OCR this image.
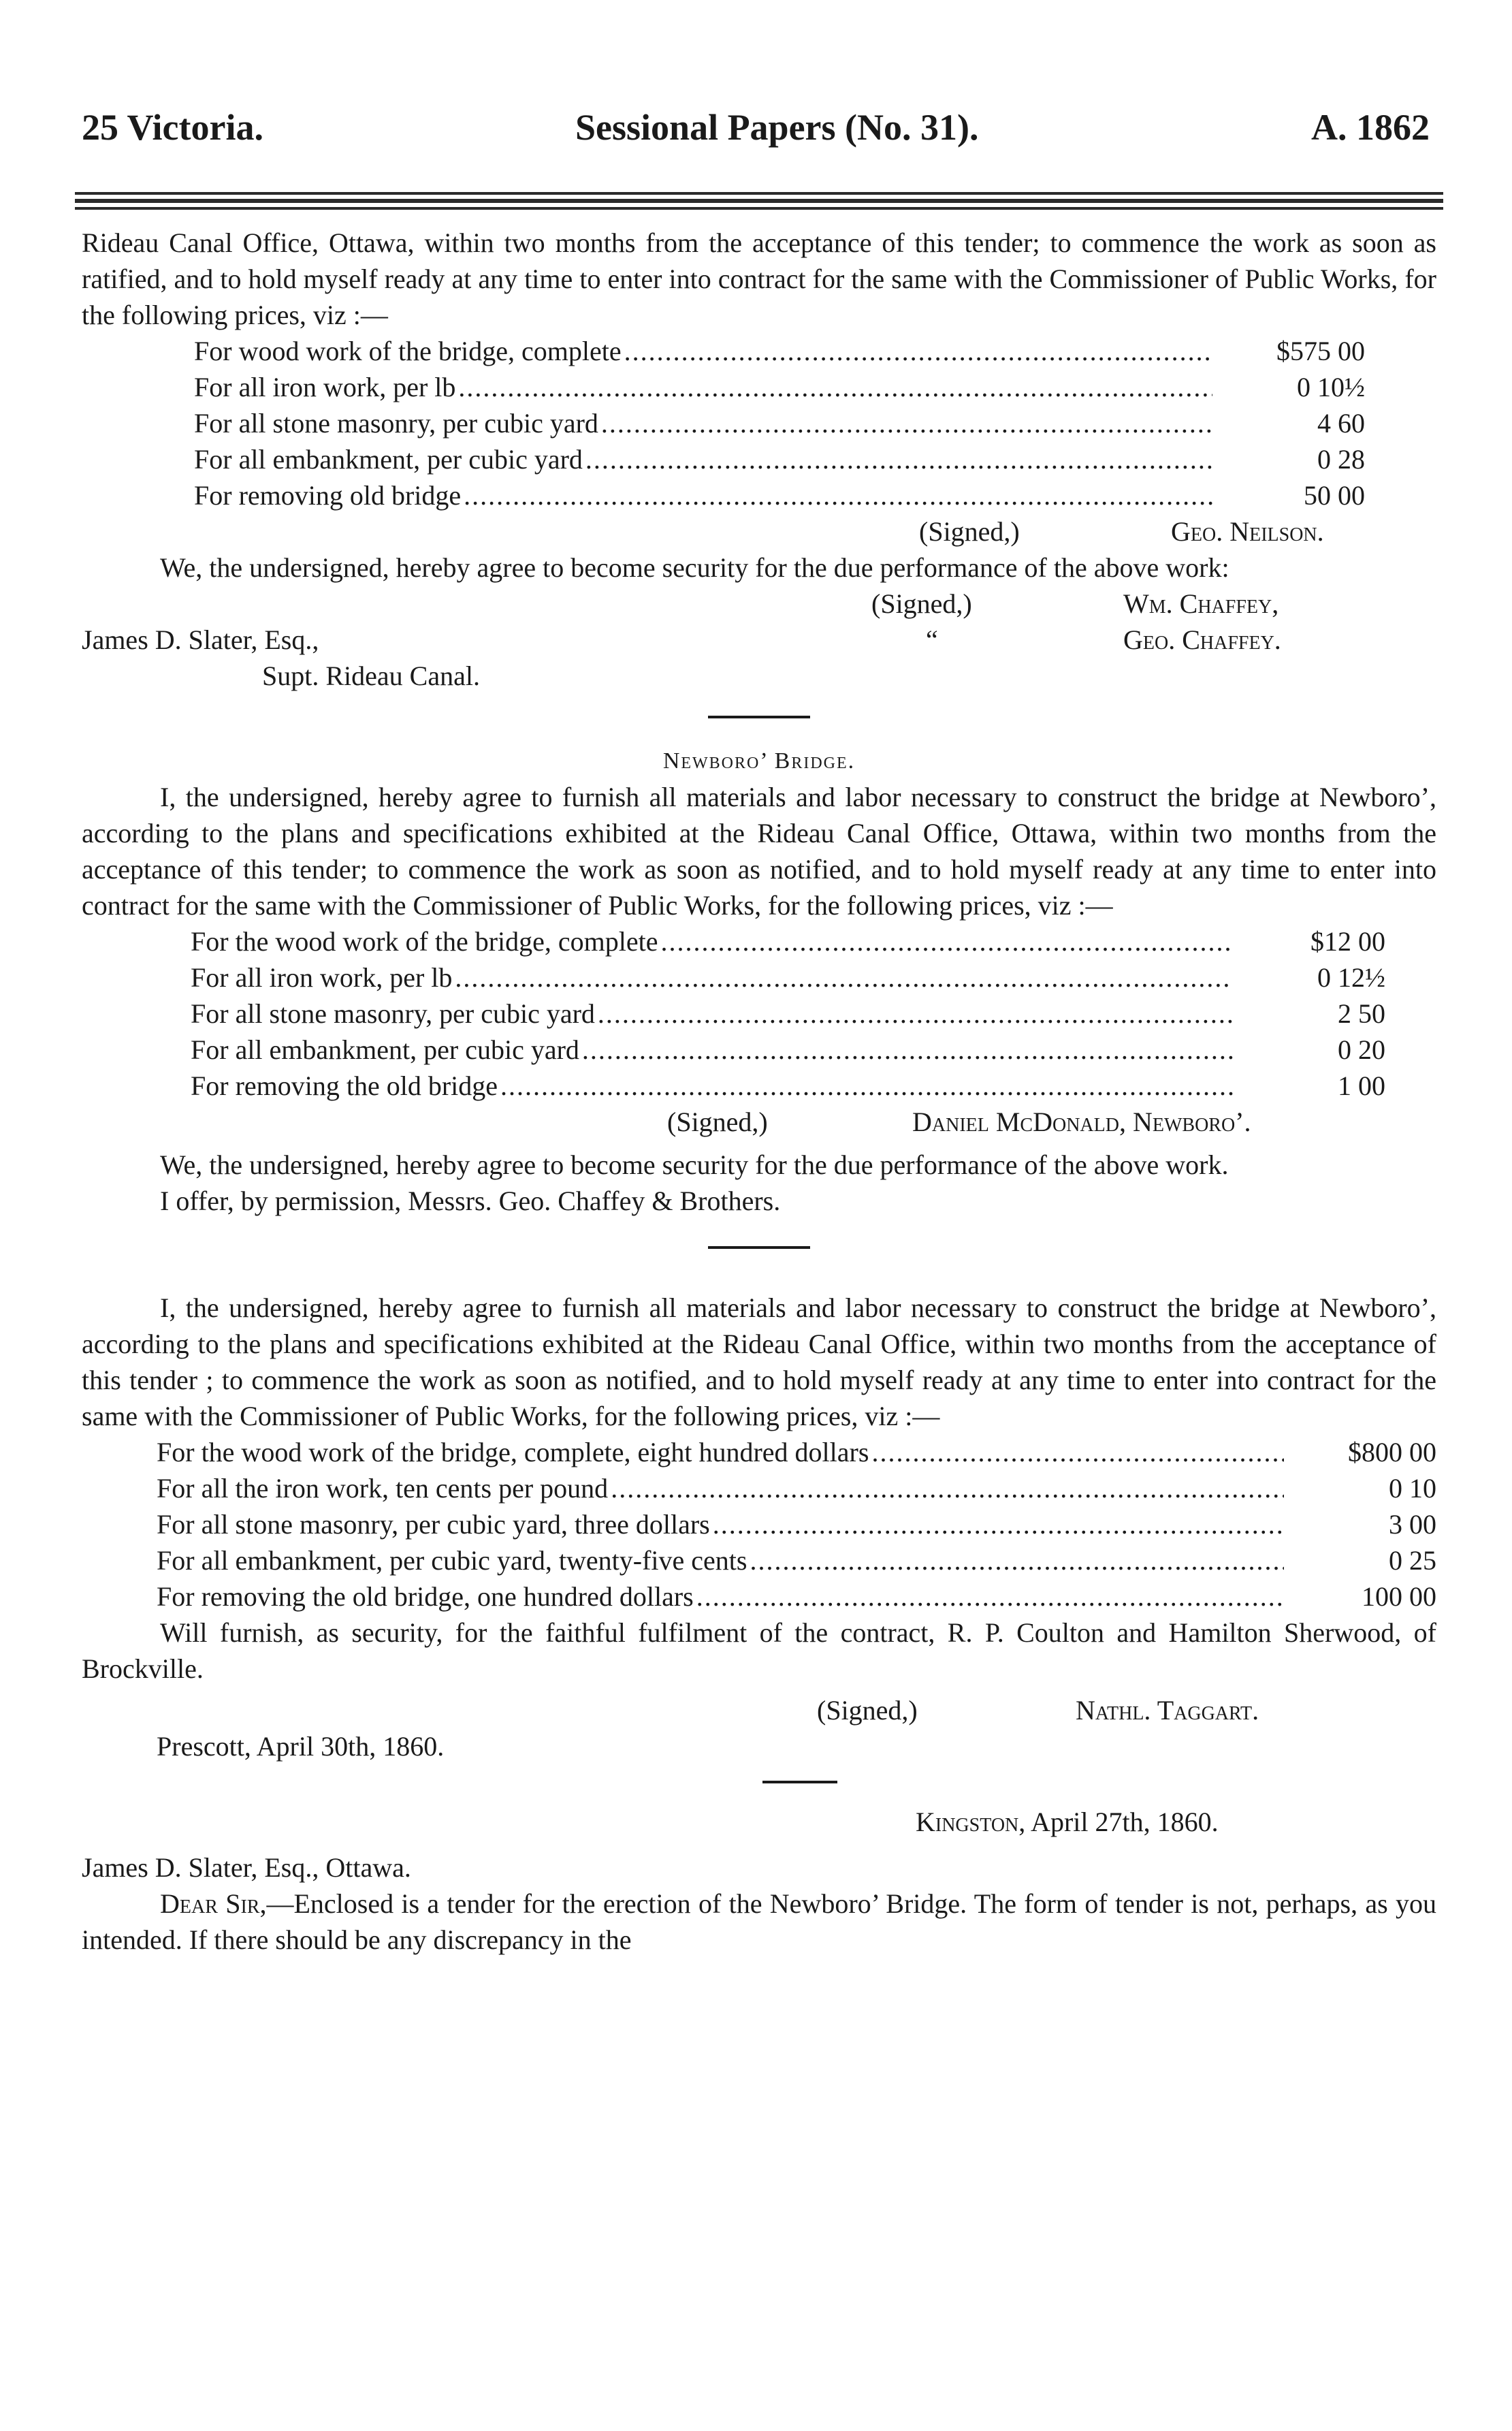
25 Victoria.	Sessional Papers (No. 31).	A. 1862

Rideau Canal Office, Ottawa, within two months from the acceptance of this tender; to commence the work as soon as ratified, and to hold myself ready at any time to enter into contract for the same with the Commissioner of Public Works, for the following prices, viz :—

For wood work of the bridge, complete .....	$575 00
For all iron work, per lb .....	0 10½
For all stone masonry, per cubic yard .....	4 60
For all embankment, per cubic yard .....	0 28
For removing old bridge .....	50 00
(Signed,)	Geo. Neilson.

We, the undersigned, hereby agree to become security for the due performance of the above work:

(Signed,)	Wm. Chaffey,
James D. Slater, Esq.,	“	Geo. Chaffey.
Supt. Rideau Canal.

Newboro’ Bridge.

I, the undersigned, hereby agree to furnish all materials and labor necessary to construct the bridge at Newboro’, according to the plans and specifications exhibited at the Rideau Canal Office, Ottawa, within two months from the acceptance of this tender; to commence the work as soon as notified, and to hold myself ready at any time to enter into contract for the same with the Commissioner of Public Works, for the following prices, viz :—

For the wood work of the bridge, complete .....	$12 00
For all iron work, per lb .....	0 12½
For all stone masonry, per cubic yard .....	2 50
For all embankment, per cubic yard .....	0 20
For removing the old bridge .....	1 00
(Signed,)	Daniel McDonald, Newboro’.

We, the undersigned, hereby agree to become security for the due performance of the above work.

I offer, by permission, Messrs. Geo. Chaffey & Brothers.

I, the undersigned, hereby agree to furnish all materials and labor necessary to construct the bridge at Newboro’, according to the plans and specifications exhibited at the Rideau Canal Office, within two months from the acceptance of this tender ; to commence the work as soon as notified, and to hold myself ready at any time to enter into contract for the same with the Commissioner of Public Works, for the following prices, viz :—

For the wood work of the bridge, complete, eight hundred dollars .....	$800 00
For all the iron work, ten cents per pound .....	0 10
For all stone masonry, per cubic yard, three dollars .....	3 00
For all embankment, per cubic yard, twenty-five cents .....	0 25
For removing the old bridge, one hundred dollars .....	100 00

Will furnish, as security, for the faithful fulfilment of the contract, R. P. Coulton and Hamilton Sherwood, of Brockville.

(Signed,)	Nathl. Taggart.
Prescott, April 30th, 1860.
Kingston, April 27th, 1860.
James D. Slater, Esq., Ottawa.

Dear Sir,—Enclosed is a tender for the erection of the Newboro’ Bridge. The form of tender is not, perhaps, as you intended. If there should be any discrepancy in the
